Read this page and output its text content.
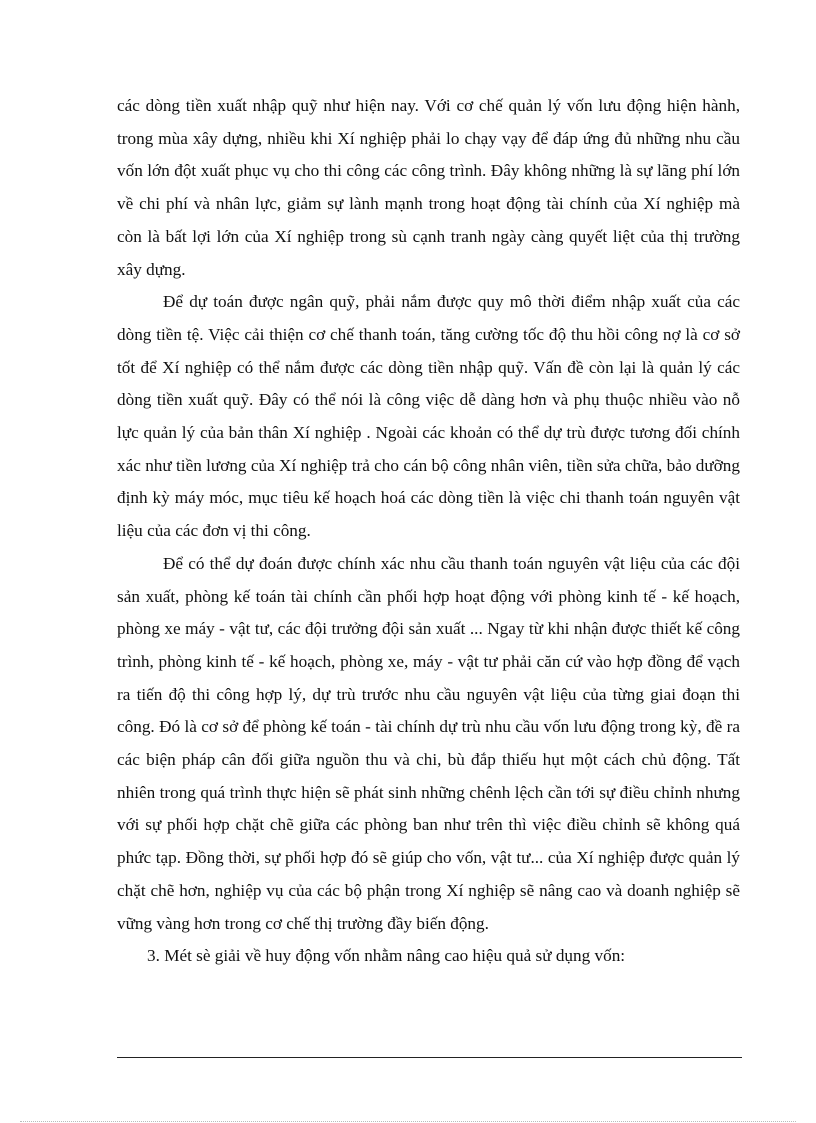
các dòng tiền xuất nhập quỹ như hiện nay. Với cơ chế quản lý vốn lưu động hiện hành, trong mùa xây dựng, nhiều khi Xí nghiệp phải lo chạy vạy để đáp ứng đủ những nhu cầu vốn lớn đột xuất phục vụ cho thi công các công trình. Đây không những là sự lãng phí lớn về chi phí và nhân lực, giảm sự lành mạnh trong hoạt động tài chính của Xí nghiệp mà còn là bất lợi lớn của Xí nghiệp trong sù cạnh tranh ngày càng quyết liệt của thị trường xây dựng.

Để dự toán được ngân quỹ, phải nắm được quy mô thời điểm nhập xuất của các dòng tiền tệ. Việc cải thiện cơ chế thanh toán, tăng cường tốc độ thu hồi công nợ là cơ sở tốt để Xí nghiệp có thể nắm được các dòng tiền nhập quỹ. Vấn đề còn lại là quản lý các dòng tiền xuất quỹ. Đây có thể nói là công việc dễ dàng hơn và phụ thuộc nhiều vào nỗ lực quản lý của bản thân Xí nghiệp . Ngoài các khoản có thể dự trù được tương đối chính xác như tiền lương của Xí nghiệp trả cho cán bộ công nhân viên, tiền sửa chữa, bảo dưỡng định kỳ máy móc, mục tiêu kế hoạch hoá các dòng tiền là việc chi thanh toán nguyên vật liệu của các đơn vị thi công.

Để có thể dự đoán được chính xác nhu cầu thanh toán nguyên vật liệu của các đội sản xuất, phòng kế toán tài chính cần phối hợp hoạt động với phòng kinh tế - kế hoạch, phòng xe máy - vật tư, các đội trưởng đội sản xuất ... Ngay từ khi nhận được thiết kế công trình, phòng kinh tế - kế hoạch, phòng xe, máy - vật tư phải căn cứ vào hợp đồng để vạch ra tiến độ thi công hợp lý, dự trù trước nhu cầu nguyên vật liệu của từng giai đoạn thi công. Đó là cơ sở để phòng kế toán - tài chính dự trù nhu cầu vốn lưu động trong kỳ, đề ra các biện pháp cân đối giữa nguồn thu và chi, bù đắp thiếu hụt một cách chủ động. Tất nhiên trong quá trình thực hiện sẽ phát sinh những chênh lệch cần tới sự điều chỉnh nhưng với sự phối hợp chặt chẽ giữa các phòng ban như trên thì việc điều chỉnh sẽ không quá phức tạp. Đồng thời, sự phối hợp đó sẽ giúp cho vốn, vật tư... của Xí nghiệp được quản lý chặt chẽ hơn, nghiệp vụ của các bộ phận trong Xí nghiệp sẽ nâng cao và doanh nghiệp sẽ vững vàng hơn trong cơ chế thị trường đầy biến động.

3. Mét sè giải về huy động vốn nhằm nâng cao hiệu quả sử dụng vốn:
